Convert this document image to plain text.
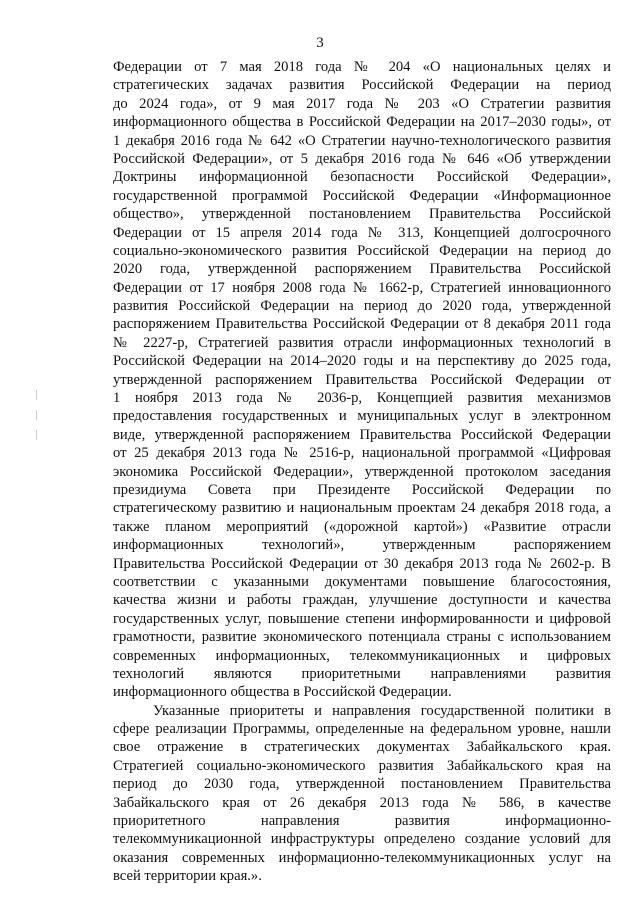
3
Федерации от 7 мая 2018 года № 204 «О национальных целях и
стратегических задачах развития Российской Федерации на период
до 2024 года», от 9 мая 2017 года № 203 «О Стратегии развития
информационного общества в Российской Федерации на 2017–2030 годы», от
1 декабря 2016 года № 642 «О Стратегии научно-технологического развития
Российской Федерации», от 5 декабря 2016 года № 646 «Об утверждении
Доктрины информационной безопасности Российской Федерации»,
государственной программой Российской Федерации «Информационное
общество», утвержденной постановлением Правительства Российской
Федерации от 15 апреля 2014 года № 313, Концепцией долгосрочного
социально-экономического развития Российской Федерации на период до
2020 года, утвержденной распоряжением Правительства Российской
Федерации от 17 ноября 2008 года № 1662-р, Стратегией инновационного
развития Российской Федерации на период до 2020 года, утвержденной
распоряжением Правительства Российской Федерации от 8 декабря 2011 года
№ 2227-р, Стратегией развития отрасли информационных технологий в
Российской Федерации на 2014–2020 годы и на перспективу до 2025 года,
утвержденной распоряжением Правительства Российской Федерации от
1 ноября 2013 года № 2036-р, Концепцией развития механизмов
предоставления государственных и муниципальных услуг в электронном
виде, утвержденной распоряжением Правительства Российской Федерации
от 25 декабря 2013 года № 2516-р, национальной программой «Цифровая
экономика Российской Федерации», утвержденной протоколом заседания
президиума Совета при Президенте Российской Федерации по
стратегическому развитию и национальным проектам 24 декабря 2018 года, а
также планом мероприятий («дорожной картой») «Развитие отрасли
информационных технологий», утвержденным распоряжением
Правительства Российской Федерации от 30 декабря 2013 года № 2602-р. В
соответствии с указанными документами повышение благосостояния,
качества жизни и работы граждан, улучшение доступности и качества
государственных услуг, повышение степени информированности и цифровой
грамотности, развитие экономического потенциала страны с использованием
современных информационных, телекоммуникационных и цифровых
технологий являются приоритетными направлениями развития
информационного общества в Российской Федерации.
Указанные приоритеты и направления государственной политики в
сфере реализации Программы, определенные на федеральном уровне, нашли
свое отражение в стратегических документах Забайкальского края.
Стратегией социально-экономического развития Забайкальского края на
период до 2030 года, утвержденной постановлением Правительства
Забайкальского края от 26 декабря 2013 года № 586, в качестве
приоритетного направления развития информационно-
телекоммуникационной инфраструктуры определено создание условий для
оказания современных информационно-телекоммуникационных услуг на
всей территории края.».
